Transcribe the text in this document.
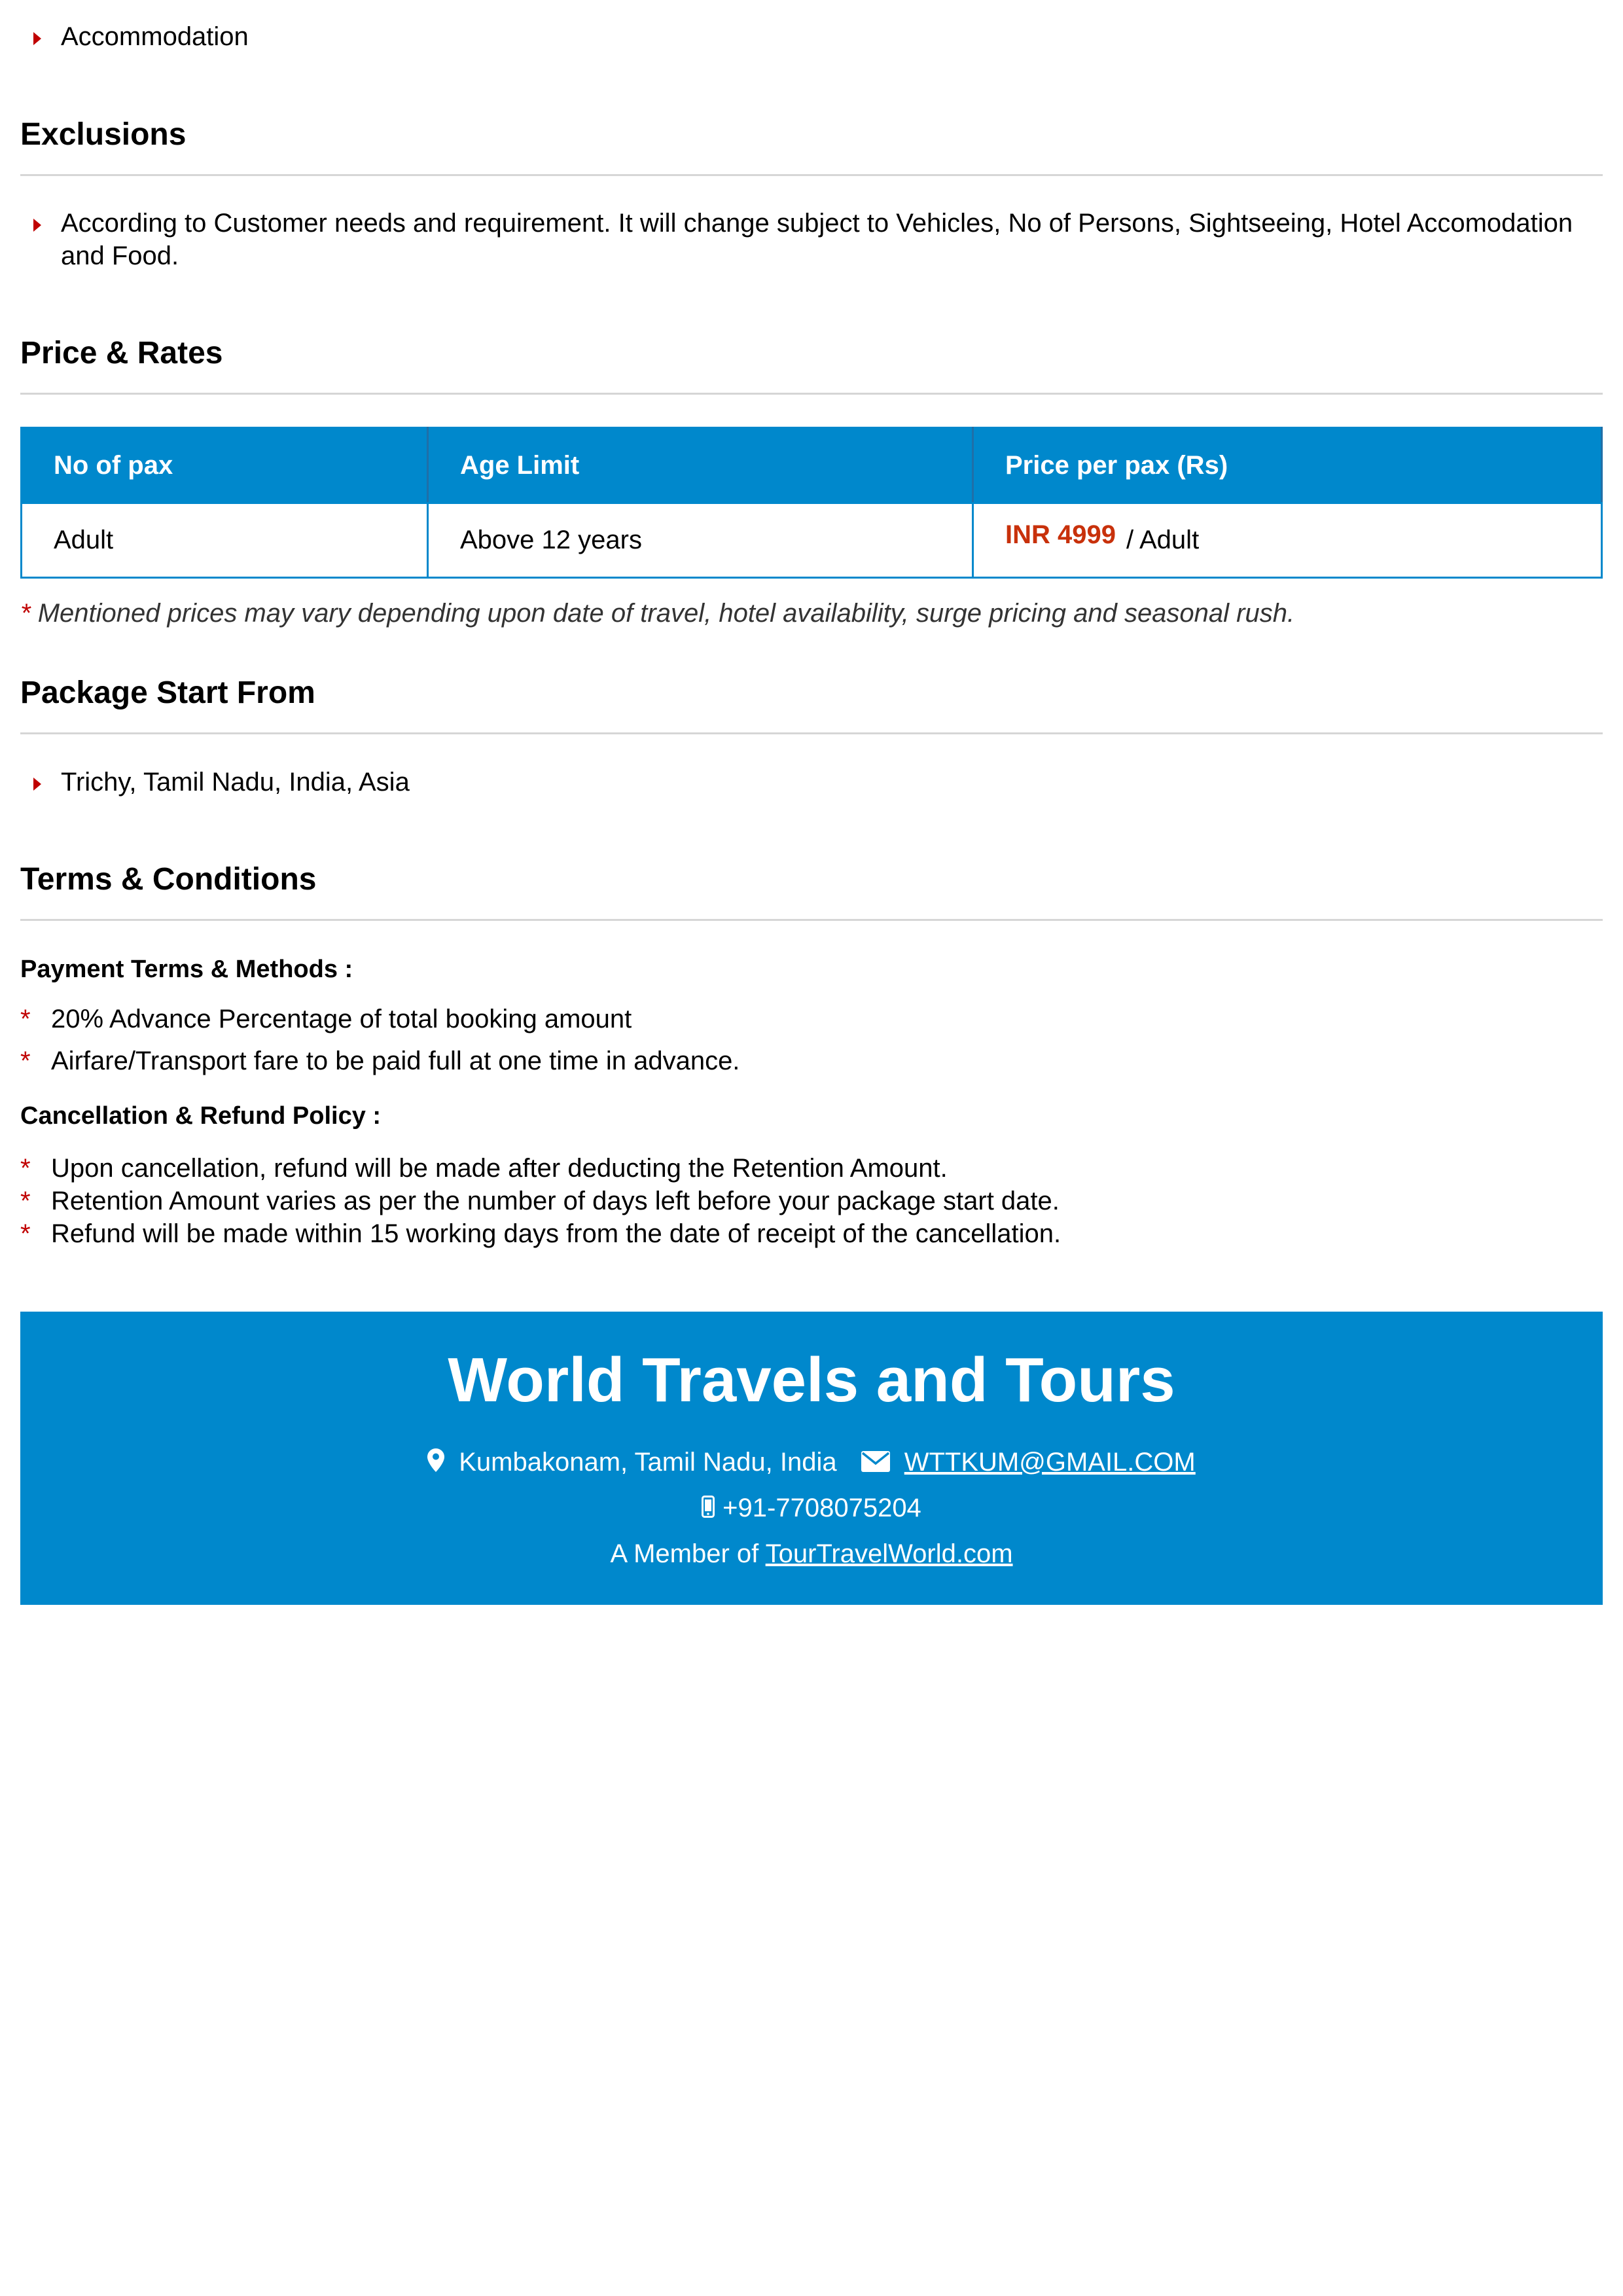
Accommodation
Exclusions
According to Customer needs and requirement. It will change subject to Vehicles, No of Persons, Sightseeing, Hotel Accomodation and Food.
Price & Rates
No of pax	Age Limit	Price per pax (Rs)
Adult	Above 12 years	INR 4999 / Adult
* Mentioned prices may vary depending upon date of travel, hotel availability, surge pricing and seasonal rush.
Package Start From
Trichy, Tamil Nadu, India, Asia
Terms & Conditions
Payment Terms & Methods :
* 20% Advance Percentage of total booking amount
* Airfare/Transport fare to be paid full at one time in advance.
Cancellation & Refund Policy :
* Upon cancellation, refund will be made after deducting the Retention Amount.
* Retention Amount varies as per the number of days left before your package start date.
* Refund will be made within 15 working days from the date of receipt of the cancellation.
World Travels and Tours
Kumbakonam, Tamil Nadu, India	WTTKUM@GMAIL.COM
+91-7708075204
A Member of TourTravelWorld.com
